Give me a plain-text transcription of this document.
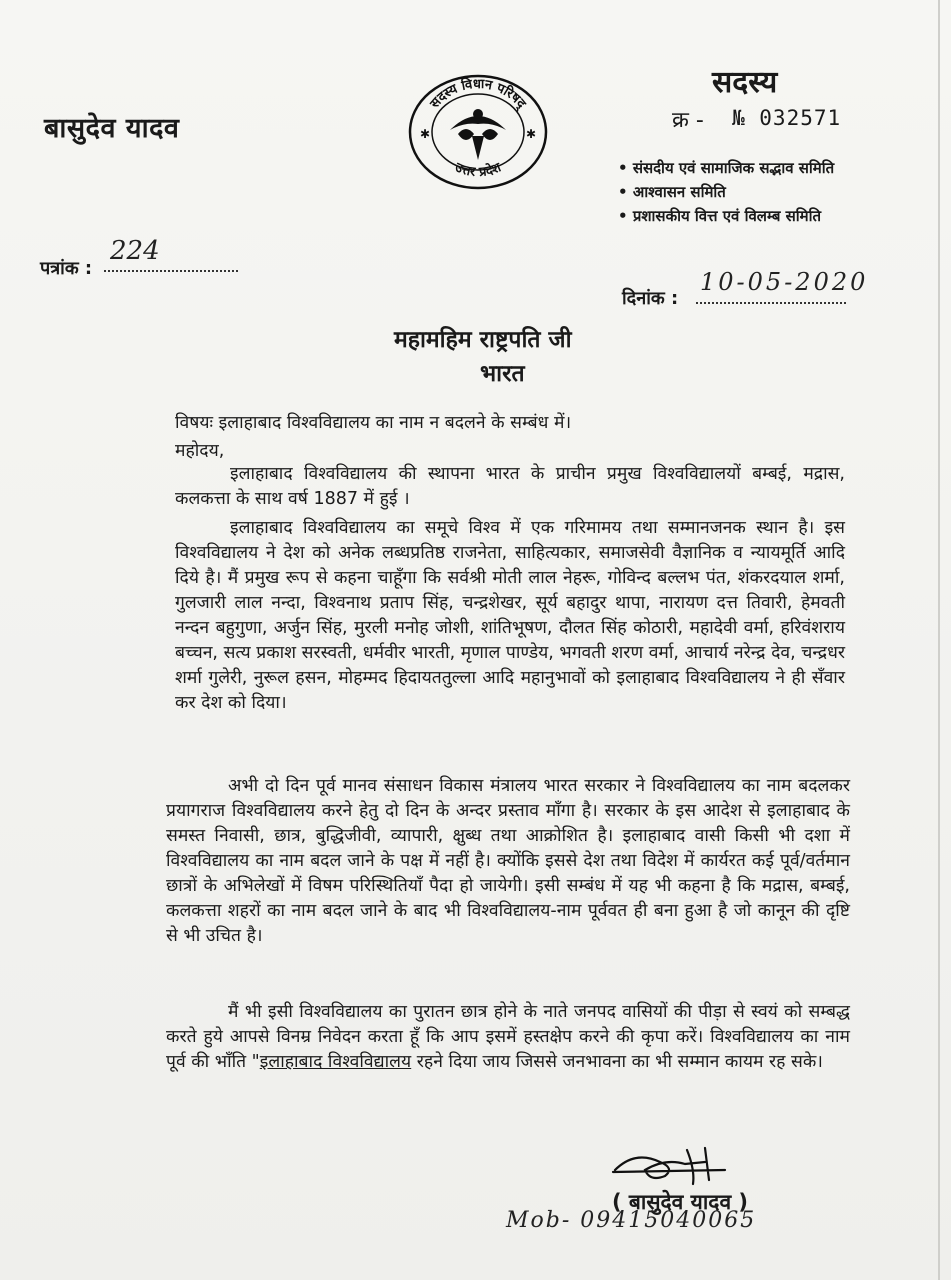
बासुदेव यादव
सदस्य विधान परिषद्
उत्तर प्रदेश
✱	✱
सदस्य
क्र - № 032571
• संसदीय एवं सामाजिक सद्भाव समिति
• आश्वासन समिति
• प्रशासकीय वित्त एवं विलम्ब समिति
पत्रांक :
224
दिनांक :
10-05-2020
महामहिम राष्ट्रपति जी
भारत
विषयः इलाहाबाद विश्वविद्यालय का नाम न बदलने के सम्बंध में।
महोदय,
इलाहाबाद विश्वविद्यालय की स्थापना भारत के प्राचीन प्रमुख विश्वविद्यालयों बम्बई, मद्रास, कलकत्ता के साथ वर्ष 1887 में हुई ।
इलाहाबाद विश्वविद्यालय का समूचे विश्व में एक गरिमामय तथा सम्मानजनक स्थान है। इस विश्वविद्यालय ने देश को अनेक लब्धप्रतिष्ठ राजनेता, साहित्यकार, समाजसेवी वैज्ञानिक व न्यायमूर्ति आदि दिये है। मैं प्रमुख रूप से कहना चाहूँगा कि सर्वश्री मोती लाल नेहरू, गोविन्द बल्लभ पंत, शंकरदयाल शर्मा, गुलजारी लाल नन्दा, विश्वनाथ प्रताप सिंह, चन्द्रशेखर, सूर्य बहादुर थापा, नारायण दत्त तिवारी, हेमवती नन्दन बहुगुणा, अर्जुन सिंह, मुरली मनोह जोशी, शांतिभूषण, दौलत सिंह कोठारी, महादेवी वर्मा, हरिवंशराय बच्चन, सत्य प्रकाश सरस्वती, धर्मवीर भारती, मृणाल पाण्डेय, भगवती शरण वर्मा, आचार्य नरेन्द्र देव, चन्द्रधर शर्मा गुलेरी, नुरूल हसन, मोहम्मद हिदायततुल्ला आदि महानुभावों को इलाहाबाद विश्वविद्यालय ने ही सँवार कर देश को दिया।
अभी दो दिन पूर्व मानव संसाधन विकास मंत्रालय भारत सरकार ने विश्वविद्यालय का नाम बदलकर प्रयागराज विश्वविद्यालय करने हेतु दो दिन के अन्दर प्रस्ताव माँगा है। सरकार के इस आदेश से इलाहाबाद के समस्त निवासी, छात्र, बुद्धिजीवी, व्यापारी, क्षुब्ध तथा आक्रोशित है। इलाहाबाद वासी किसी भी दशा में विश्वविद्यालय का नाम बदल जाने के पक्ष में नहीं है। क्योंकि इससे देश तथा विदेश में कार्यरत कई पूर्व/वर्तमान छात्रों के अभिलेखों में विषम परिस्थितियाँ पैदा हो जायेगी। इसी सम्बंध में यह भी कहना है कि मद्रास, बम्बई, कलकत्ता शहरों का नाम बदल जाने के बाद भी विश्वविद्यालय-नाम पूर्ववत ही बना हुआ है जो कानून की दृष्टि से भी उचित है।
मैं भी इसी विश्वविद्यालय का पुरातन छात्र होने के नाते जनपद वासियों की पीड़ा से स्वयं को सम्बद्ध करते हुये आपसे विनम्र निवेदन करता हूँ कि आप इसमें हस्तक्षेप करने की कृपा करें। विश्वविद्यालय का नाम पूर्व की भाँति "इलाहाबाद विश्वविद्यालय रहने दिया जाय जिससे जनभावना का भी सम्मान कायम रह सके।
( बासुदेव यादव )
Mob- 09415040065
